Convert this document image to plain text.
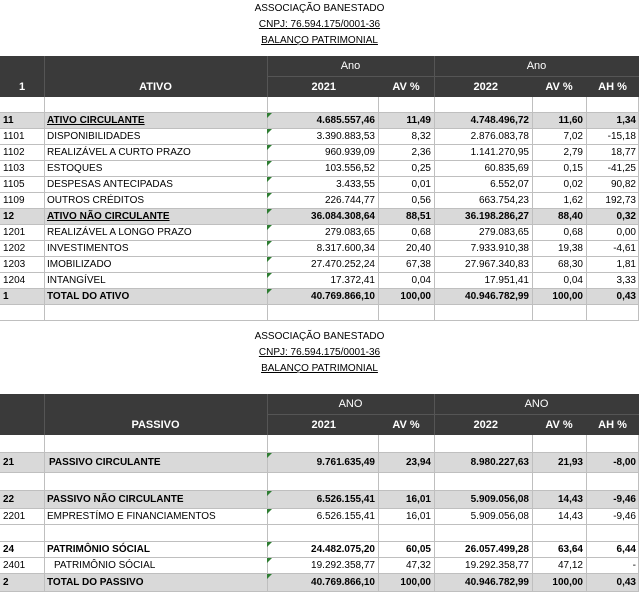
ASSOCIAÇÃO BANESTADO
CNPJ: 76.594.175/0001-36
BALANÇO PATRIMONIAL
Ano	Ano
1	ATIVO	2021	AV %	2022	AV %	AH %
11	ATIVO CIRCULANTE	4.685.557,46	11,49	4.748.496,72	11,60	1,34
1101 DISPONIBILIDADES	3.390.883,53	8,32	2.876.083,78	7,02 -15,18
1102 REALIZÁVEL A CURTO PRAZO	960.939,09	2,36	1.141.270,95	2,79	18,77
1103 ESTOQUES	103.556,52	0,25	60.835,69	0,15 -41,25
1105 DESPESAS ANTECIPADAS	3.433,55	0,01	6.552,07	0,02	90,82
1109 OUTROS CRÉDITOS	226.744,77	0,56	663.754,23	1,62 192,73
12	ATIVO NÃO CIRCULANTE	36.084.308,64	88,51	36.198.286,27	88,40	0,32
1201 REALIZÁVEL A LONGO PRAZO	279.083,65	0,68	279.083,65	0,68	0,00
1202 INVESTIMENTOS	8.317.600,34	20,40	7.933.910,38	19,38	-4,61
1203 IMOBILIZADO	27.470.252,24	67,38	27.967.340,83	68,30	1,81
1204 INTANGÍVEL	17.372,41	0,04	17.951,41	0,04	3,33
1	TOTAL DO ATIVO	40.769.866,10	100,00	40.946.782,99 100,00	0,43
ASSOCIAÇÃO BANESTADO
CNPJ: 76.594.175/0001-36
BALANÇO PATRIMONIAL
ANO	ANO
PASSIVO	2021	AV %	2022	AV %	AH %
21	PASSIVO CIRCULANTE	9.761.635,49	23,94	8.980.227,63	21,93	-8,00
22	PASSIVO NÃO CIRCULANTE	6.526.155,41	16,01	5.909.056,08	14,43	-9,46
2201 EMPRESTÍMO E FINANCIAMENTOS	6.526.155,41	16,01	5.909.056,08	14,43	-9,46
24	PATRIMÔNIO SÓCIAL	24.482.075,20	60,05	26.057.499,28	63,64	6,44
2401	PATRIMÔNIO SÓCIAL	19.292.358,77	47,32	19.292.358,77	47,12	-
2	TOTAL DO PASSIVO	40.769.866,10	100,00	40.946.782,99 100,00	0,43
